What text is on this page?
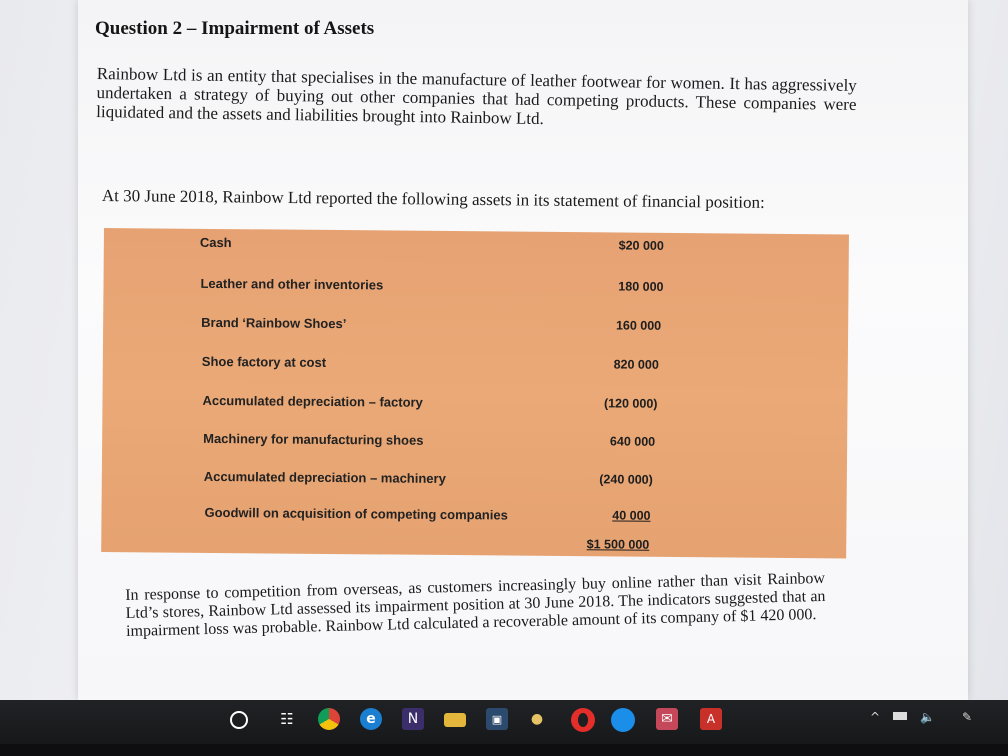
Question 2 – Impairment of Assets

Rainbow Ltd is an entity that specialises in the manufacture of leather footwear for women. It has aggressively undertaken a strategy of buying out other companies that had competing products. These companies were liquidated and the assets and liabilities brought into Rainbow Ltd.

At 30 June 2018, Rainbow Ltd reported the following assets in its statement of financial position:

Cash	$20 000
Leather and other inventories	180 000
Brand ‘Rainbow Shoes’	160 000
Shoe factory at cost	820 000
Accumulated depreciation – factory	(120 000)
Machinery for manufacturing shoes	640 000
Accumulated depreciation – machinery	(240 000)
Goodwill on acquisition of competing companies	40 000
$1 500 000

In response to competition from overseas, as customers increasingly buy online rather than visit Rainbow Ltd’s stores, Rainbow Ltd assessed its impairment position at 30 June 2018. The indicators suggested that an impairment loss was probable. Rainbow Ltd calculated a recoverable amount of its company of $1 420 000.

☷	e	N	▣	●	✉	A	^	🔈 ✎
